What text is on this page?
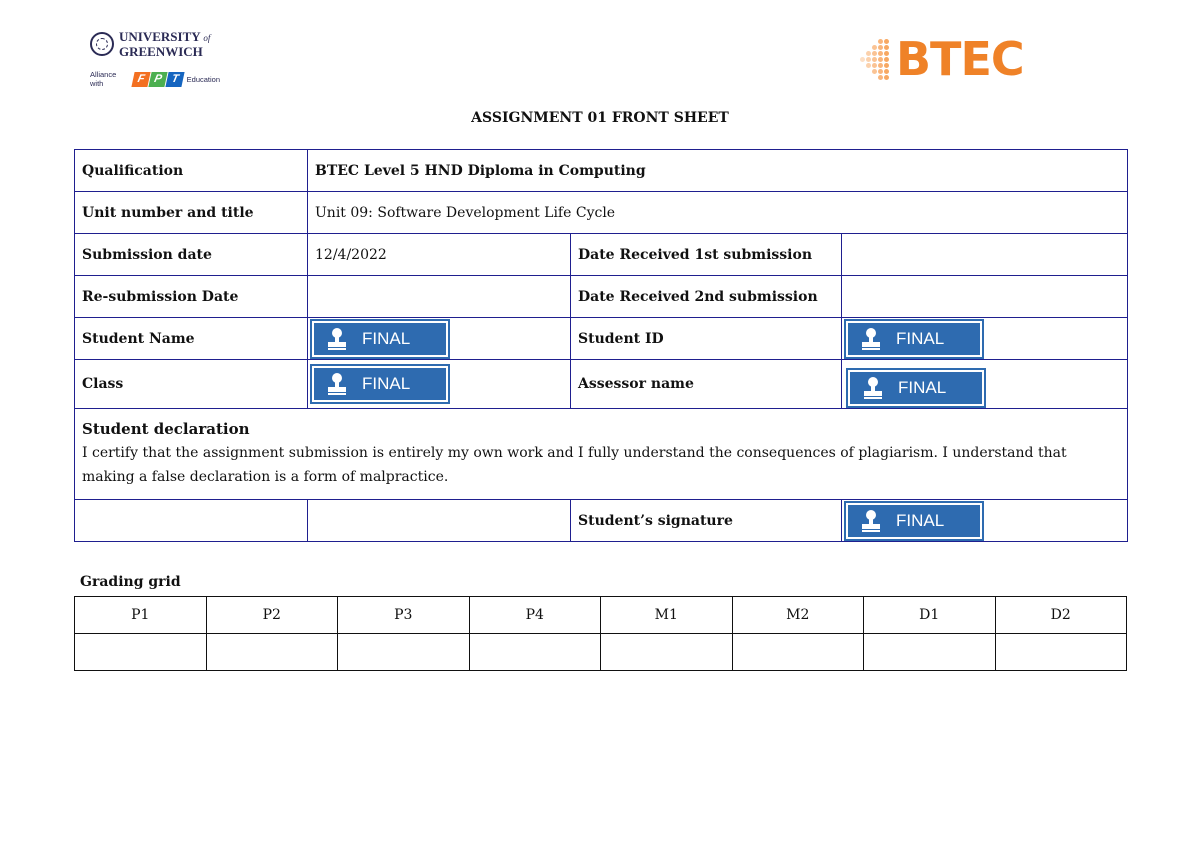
UNIVERSITY of
GREENWICH
Alliance with	F P T Education	BTEC
ASSIGNMENT 01 FRONT SHEET
Qualification	BTEC Level 5 HND Diploma in Computing		
Unit number and title	Unit 09: Software Development Life Cycle		
Submission date	12/4/2022	Date Received 1st submission	
Re-submission Date		Date Received 2nd submission	
Student Name	FINAL	Student ID	FINAL

Class	FINAL	Assessor name	FINAL

Student declaration
I certify that the assignment submission is entirely my own work and I fully understand the consequences of plagiarism. I understand that making a false declaration is a form of malpractice.			

		Student’s signature	FINAL
Grading grid
P1	P2	P3	P4	M1	M2	D1	D2
